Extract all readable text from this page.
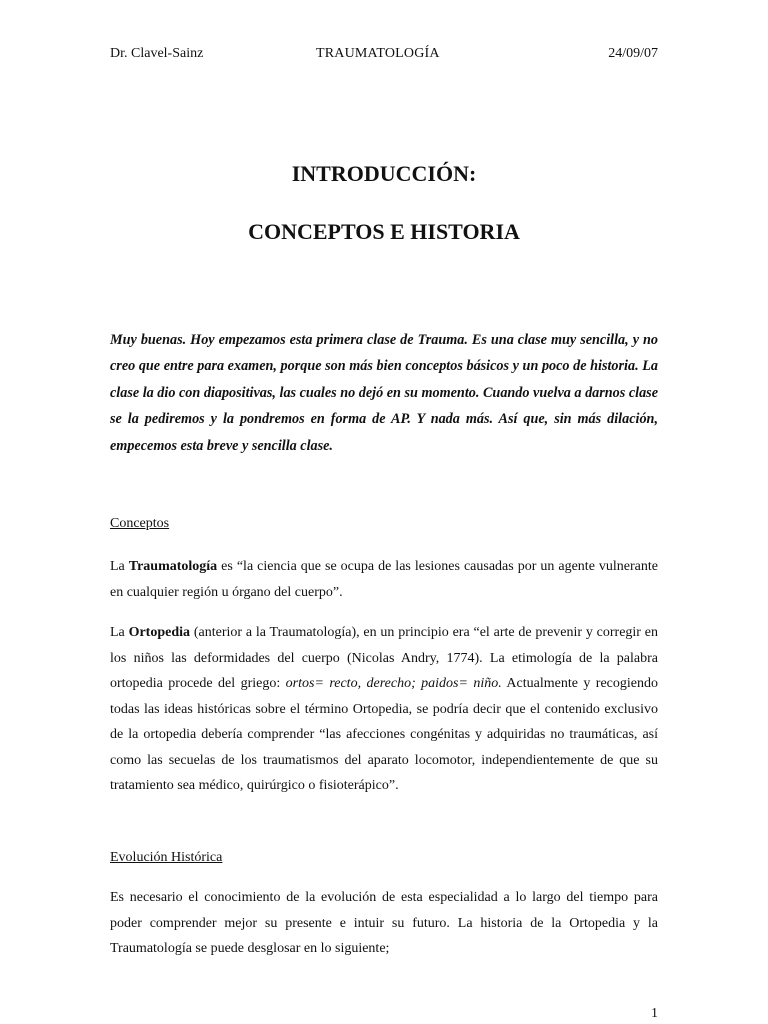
Dr. Clavel-Sainz	TRAUMATOLOGÍA	24/09/07
INTRODUCCIÓN:
CONCEPTOS E HISTORIA

Muy buenas. Hoy empezamos esta primera clase de Trauma. Es una clase muy sencilla, y no creo que entre para examen, porque son más bien conceptos básicos y un poco de historia. La clase la dio con diapositivas, las cuales no dejó en su momento. Cuando vuelva a darnos clase se la pediremos y la pondremos en forma de AP. Y nada más. Así que, sin más dilación, empecemos esta breve y sencilla clase.

Conceptos

La Traumatología es “la ciencia que se ocupa de las lesiones causadas por un agente vulnerante en cualquier región u órgano del cuerpo”.

La Ortopedia (anterior a la Traumatología), en un principio era “el arte de prevenir y corregir en los niños las deformidades del cuerpo (Nicolas Andry, 1774). La etimología de la palabra ortopedia procede del griego: ortos= recto, derecho; paidos= niño. Actualmente y recogiendo todas las ideas históricas sobre el término Ortopedia, se podría decir que el contenido exclusivo de la ortopedia debería comprender “las afecciones congénitas y adquiridas no traumáticas, así como las secuelas de los traumatismos del aparato locomotor, independientemente de que su tratamiento sea médico, quirúrgico o fisioterápico”.

Evolución Histórica

Es necesario el conocimiento de la evolución de esta especialidad a lo largo del tiempo para poder comprender mejor su presente e intuir su futuro. La historia de la Ortopedia y la Traumatología se puede desglosar en lo siguiente;

1
